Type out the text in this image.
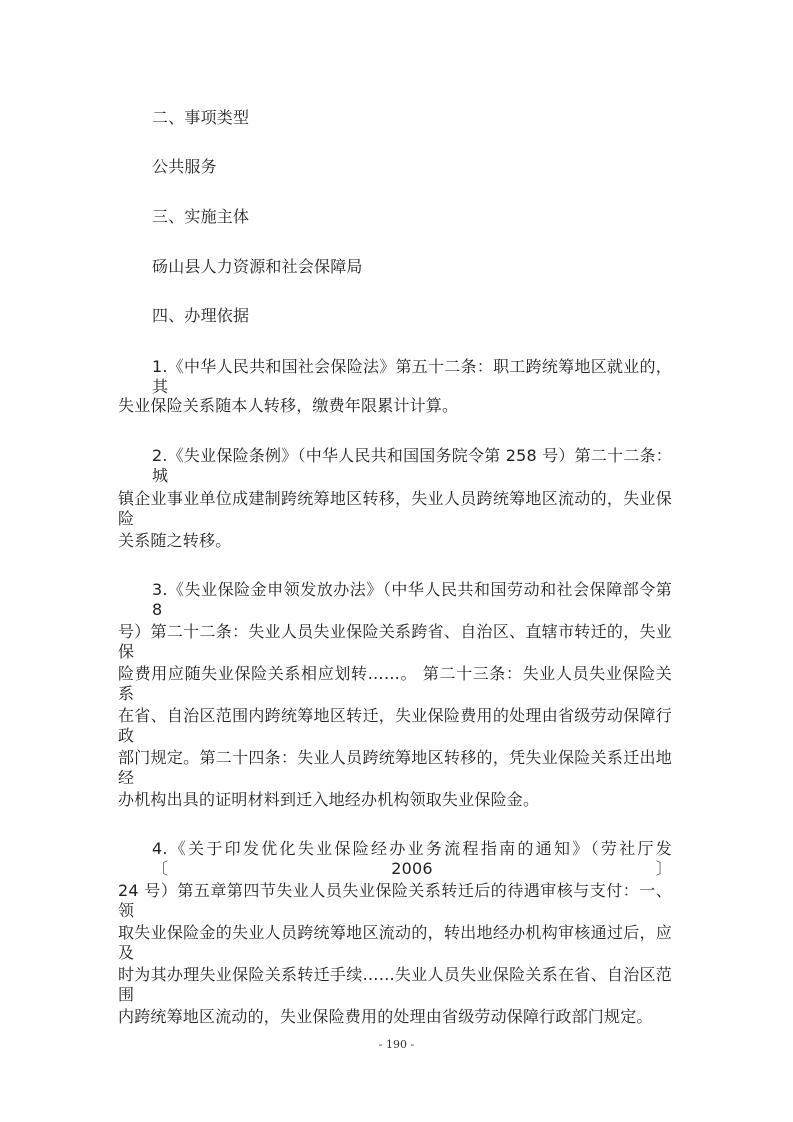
二、事项类型
公共服务
三、实施主体
砀山县人力资源和社会保障局
四、办理依据
1.《中华人民共和国社会保险法》第五十二条：职工跨统筹地区就业的，其
失业保险关系随本人转移，缴费年限累计计算。
2.《失业保险条例》（中华人民共和国国务院令第 258 号）第二十二条：城
镇企业事业单位成建制跨统筹地区转移，失业人员跨统筹地区流动的，失业保险
关系随之转移。
3.《失业保险金申领发放办法》（中华人民共和国劳动和社会保障部令第 8
号）第二十二条：失业人员失业保险关系跨省、自治区、直辖市转迁的，失业保
险费用应随失业保险关系相应划转……。 第二十三条：失业人员失业保险关系
在省、自治区范围内跨统筹地区转迁，失业保险费用的处理由省级劳动保障行政
部门规定。第二十四条：失业人员跨统筹地区转移的，凭失业保险关系迁出地经
办机构出具的证明材料到迁入地经办机构领取失业保险金。
4.《关于印发优化失业保险经办业务流程指南的通知》（劳社厅发〔2006〕
24 号）第五章第四节失业人员失业保险关系转迁后的待遇审核与支付：一、领
取失业保险金的失业人员跨统筹地区流动的，转出地经办机构审核通过后，应及
时为其办理失业保险关系转迁手续……失业人员失业保险关系在省、自治区范围
内跨统筹地区流动的，失业保险费用的处理由省级劳动保障行政部门规定。
- 190 -
